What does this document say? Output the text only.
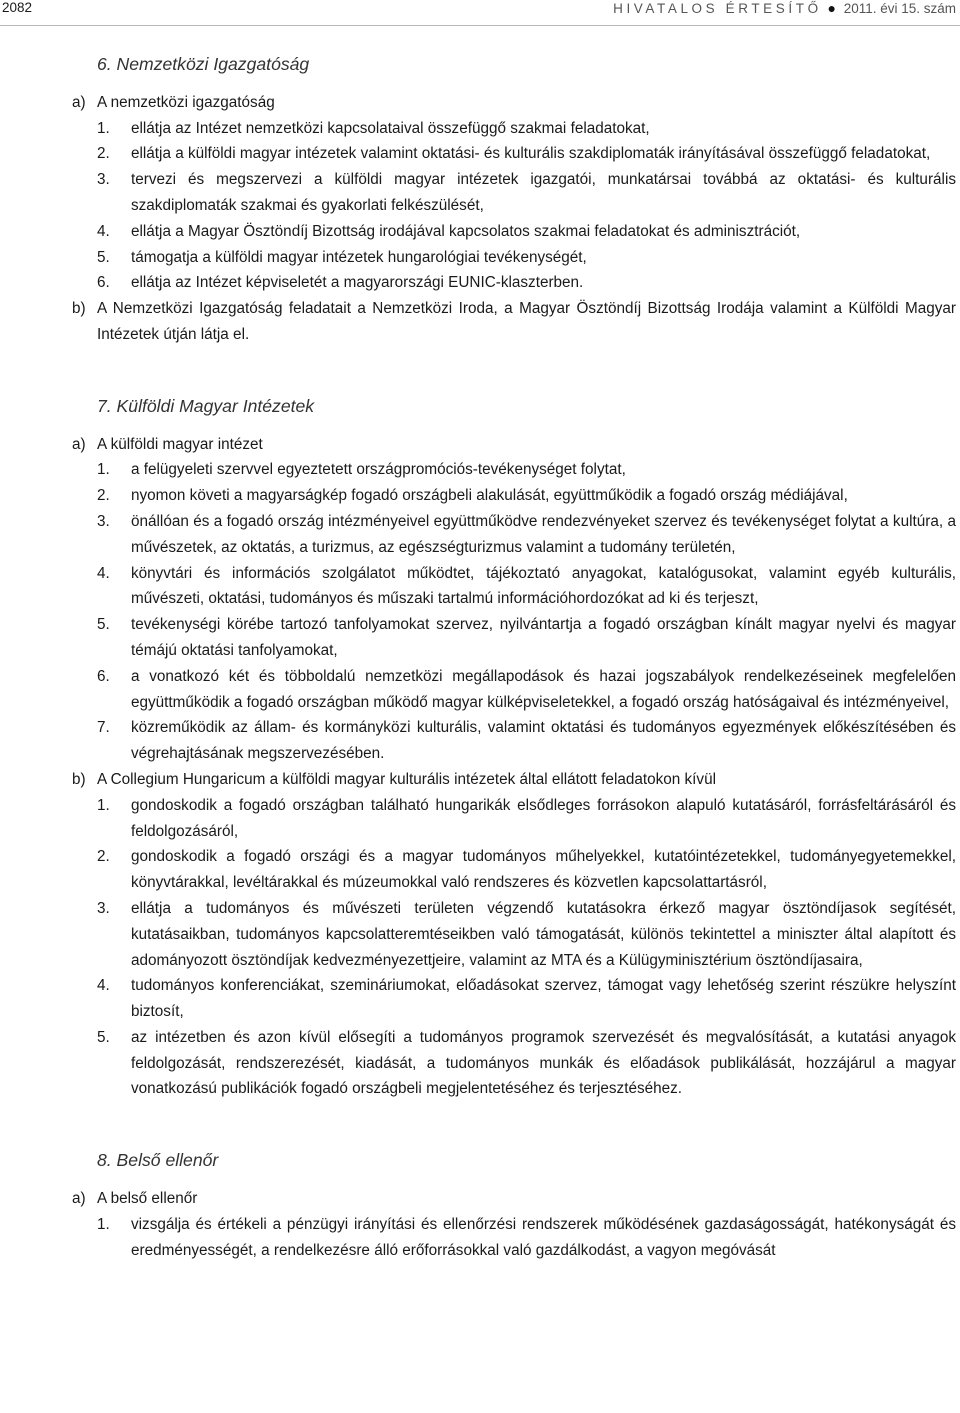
2082	HIVATALOS ÉRTESÍTŐ ● 2011. évi 15. szám
6. Nemzetközi Igazgatóság
a) A nemzetközi igazgatóság
1.	ellátja az Intézet nemzetközi kapcsolataival összefüggő szakmai feladatokat,
2.	ellátja a külföldi magyar intézetek valamint oktatási- és kulturális szakdiplomaták irányításával összefüggő feladatokat,
3.	tervezi és megszervezi a külföldi magyar intézetek igazgatói, munkatársai továbbá az oktatási- és kulturális szakdiplomaták szakmai és gyakorlati felkészülését,
4.	ellátja a Magyar Ösztöndíj Bizottság irodájával kapcsolatos szakmai feladatokat és adminisztrációt,
5.	támogatja a külföldi magyar intézetek hungarológiai tevékenységét,
6.	ellátja az Intézet képviseletét a magyarországi EUNIC-klaszterben.
b) A Nemzetközi Igazgatóság feladatait a Nemzetközi Iroda, a Magyar Ösztöndíj Bizottság Irodája valamint a Külföldi Magyar Intézetek útján látja el.
7. Külföldi Magyar Intézetek
a) A külföldi magyar intézet
1.	a felügyeleti szervvel egyeztetett országpromóciós-tevékenységet folytat,
2.	nyomon követi a magyarságkép fogadó országbeli alakulását, együttműködik a fogadó ország médiájával,
3.	önállóan és a fogadó ország intézményeivel együttműködve rendezvényeket szervez és tevékenységet folytat a kultúra, a művészetek, az oktatás, a turizmus, az egészségturizmus valamint a tudomány területén,
4.	könyvtári és információs szolgálatot működtet, tájékoztató anyagokat, katalógusokat, valamint egyéb kulturális, művészeti, oktatási, tudományos és műszaki tartalmú információhordozókat ad ki és terjeszt,
5.	tevékenységi körébe tartozó tanfolyamokat szervez, nyilvántartja a fogadó országban kínált magyar nyelvi és magyar témájú oktatási tanfolyamokat,
6.	a vonatkozó két és többoldalú nemzetközi megállapodások és hazai jogszabályok rendelkezéseinek megfelelően együttműködik a fogadó országban működő magyar külképviseletekkel, a fogadó ország hatóságaival és intézményeivel,
7.	közreműködik az állam- és kormányközi kulturális, valamint oktatási és tudományos egyezmények előkészítésében és végrehajtásának megszervezésében.
b) A Collegium Hungaricum a külföldi magyar kulturális intézetek által ellátott feladatokon kívül
1.	gondoskodik a fogadó országban található hungarikák elsődleges forrásokon alapuló kutatásáról, forrásfeltárásáról és feldolgozásáról,
2.	gondoskodik a fogadó országi és a magyar tudományos műhelyekkel, kutatóintézetekkel, tudományegyetemekkel, könyvtárakkal, levéltárakkal és múzeumokkal való rendszeres és közvetlen kapcsolattartásról,
3.	ellátja a tudományos és művészeti területen végzendő kutatásokra érkező magyar ösztöndíjasok segítését, kutatásaikban, tudományos kapcsolatteremtéseikben való támogatását, különös tekintettel a miniszter által alapított és adományozott ösztöndíjak kedvezményezettjeire, valamint az MTA és a Külügyminisztérium ösztöndíjasaira,
4.	tudományos konferenciákat, szemináriumokat, előadásokat szervez, támogat vagy lehetőség szerint részükre helyszínt biztosít,
5.	az intézetben és azon kívül elősegíti a tudományos programok szervezését és megvalósítását, a kutatási anyagok feldolgozását, rendszerezését, kiadását, a tudományos munkák és előadások publikálását, hozzájárul a magyar vonatkozású publikációk fogadó országbeli megjelentetéséhez és terjesztéséhez.
8. Belső ellenőr
a) A belső ellenőr
1.	vizsgálja és értékeli a pénzügyi irányítási és ellenőrzési rendszerek működésének gazdaságosságát, hatékonyságát és eredményességét, a rendelkezésre álló erőforrásokkal való gazdálkodást, a vagyon megóvását
